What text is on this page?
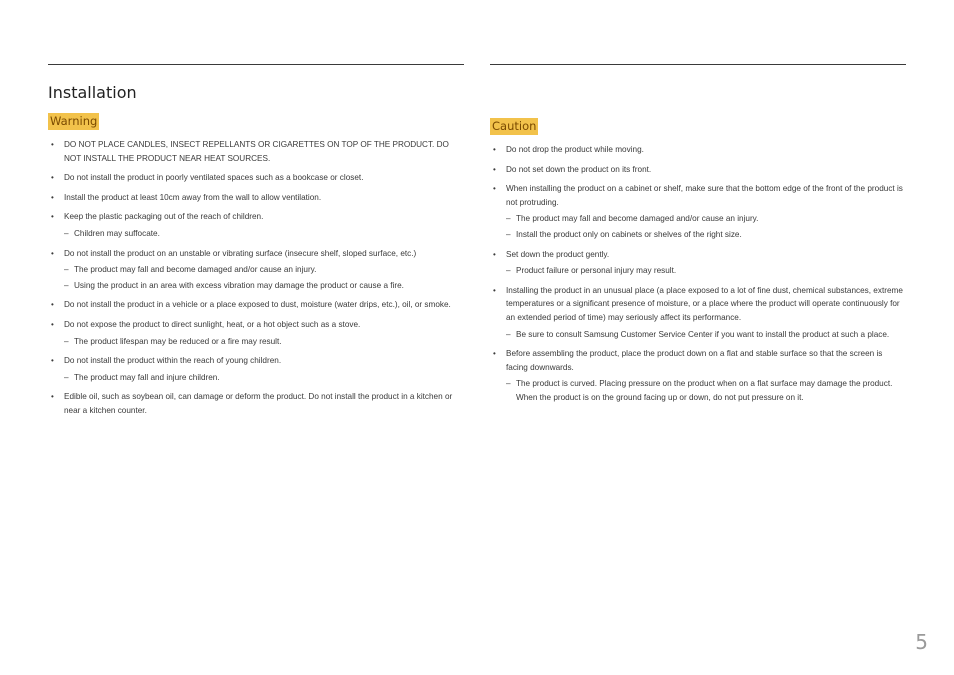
Installation
Warning
• DO NOT PLACE CANDLES, INSECT REPELLANTS OR CIGARETTES ON TOP OF THE PRODUCT. DO NOT INSTALL THE PRODUCT NEAR HEAT SOURCES.
• Do not install the product in poorly ventilated spaces such as a bookcase or closet.
• Install the product at least 10cm away from the wall to allow ventilation.
• Keep the plastic packaging out of the reach of children.
– Children may suffocate.
• Do not install the product on an unstable or vibrating surface (insecure shelf, sloped surface, etc.)
– The product may fall and become damaged and/or cause an injury.
– Using the product in an area with excess vibration may damage the product or cause a fire.
• Do not install the product in a vehicle or a place exposed to dust, moisture (water drips, etc.), oil, or smoke.
• Do not expose the product to direct sunlight, heat, or a hot object such as a stove.
– The product lifespan may be reduced or a fire may result.
• Do not install the product within the reach of young children.
– The product may fall and injure children.
• Edible oil, such as soybean oil, can damage or deform the product. Do not install the product in a kitchen or near a kitchen counter.
Caution
• Do not drop the product while moving.
• Do not set down the product on its front.
• When installing the product on a cabinet or shelf, make sure that the bottom edge of the front of the product is not protruding.
– The product may fall and become damaged and/or cause an injury.
– Install the product only on cabinets or shelves of the right size.
• Set down the product gently.
– Product failure or personal injury may result.
• Installing the product in an unusual place (a place exposed to a lot of fine dust, chemical substances, extreme temperatures or a significant presence of moisture, or a place where the product will operate continuously for an extended period of time) may seriously affect its performance.
– Be sure to consult Samsung Customer Service Center if you want to install the product at such a place.
• Before assembling the product, place the product down on a flat and stable surface so that the screen is facing downwards.
– The product is curved. Placing pressure on the product when on a flat surface may damage the product. When the product is on the ground facing up or down, do not put pressure on it.
5
